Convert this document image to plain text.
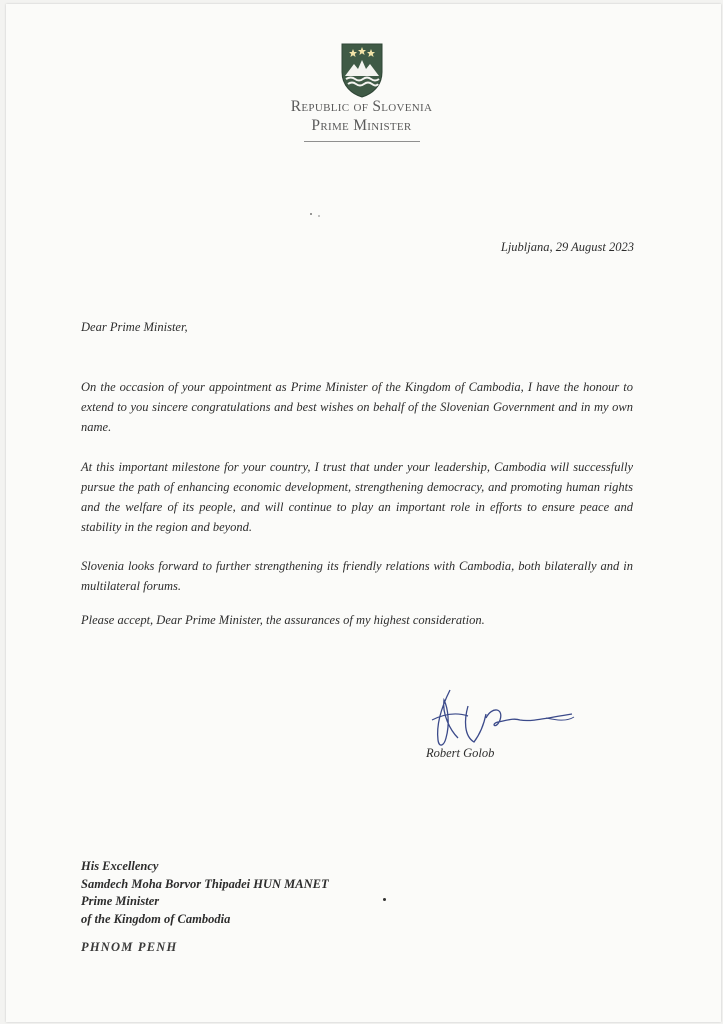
Republic of Slovenia
Prime Minister
Ljubljana, 29 August 2023
Dear Prime Minister,

On the occasion of your appointment as Prime Minister of the Kingdom of Cambodia, I have the honour to extend to you sincere congratulations and best wishes on behalf of the Slovenian Government and in my own name.

At this important milestone for your country, I trust that under your leadership, Cambodia will successfully pursue the path of enhancing economic development, strengthening democracy, and promoting human rights and the welfare of its people, and will continue to play an important role in efforts to ensure peace and stability in the region and beyond.

Slovenia looks forward to further strengthening its friendly relations with Cambodia, both bilaterally and in multilateral forums.

Please accept, Dear Prime Minister, the assurances of my highest consideration.

Robert Golob
His Excellency
Samdech Moha Borvor Thipadei HUN MANET
Prime Minister
of the Kingdom of Cambodia
PHNOM PENH
